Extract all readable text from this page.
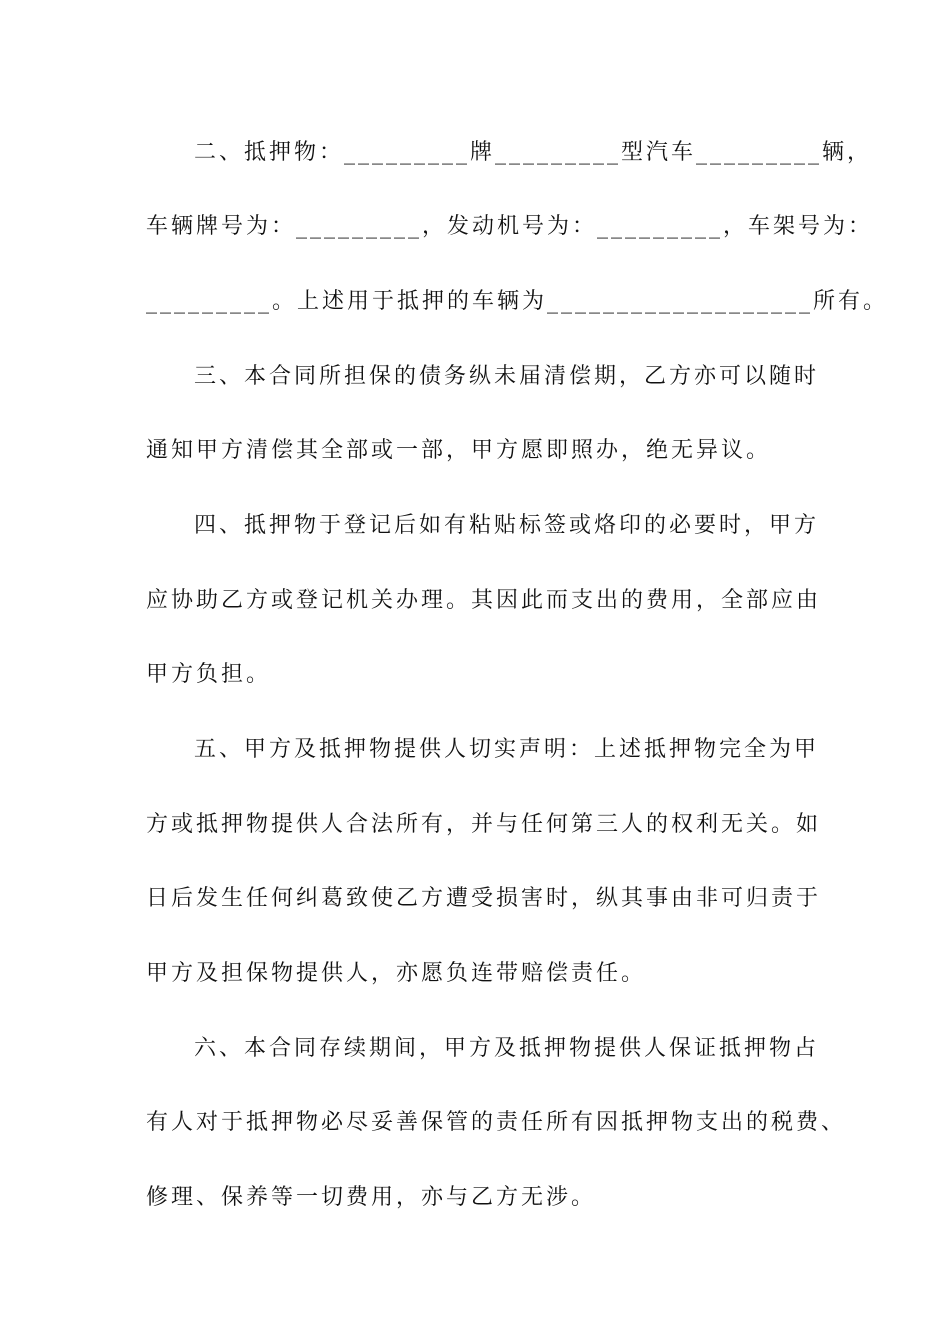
二、抵押物：_________牌_________型汽车_________辆，
车辆牌号为：_________，发动机号为：_________，车架号为：
_________。上述用于抵押的车辆为___________________所有。
三、本合同所担保的债务纵未届清偿期，乙方亦可以随时
通知甲方清偿其全部或一部，甲方愿即照办，绝无异议。
四、抵押物于登记后如有粘贴标签或烙印的必要时，甲方
应协助乙方或登记机关办理。其因此而支出的费用，全部应由
甲方负担。
五、甲方及抵押物提供人切实声明：上述抵押物完全为甲
方或抵押物提供人合法所有，并与任何第三人的权利无关。如
日后发生任何纠葛致使乙方遭受损害时，纵其事由非可归责于
甲方及担保物提供人，亦愿负连带赔偿责任。
六、本合同存续期间，甲方及抵押物提供人保证抵押物占
有人对于抵押物必尽妥善保管的责任所有因抵押物支出的税费、
修理、保养等一切费用，亦与乙方无涉。
